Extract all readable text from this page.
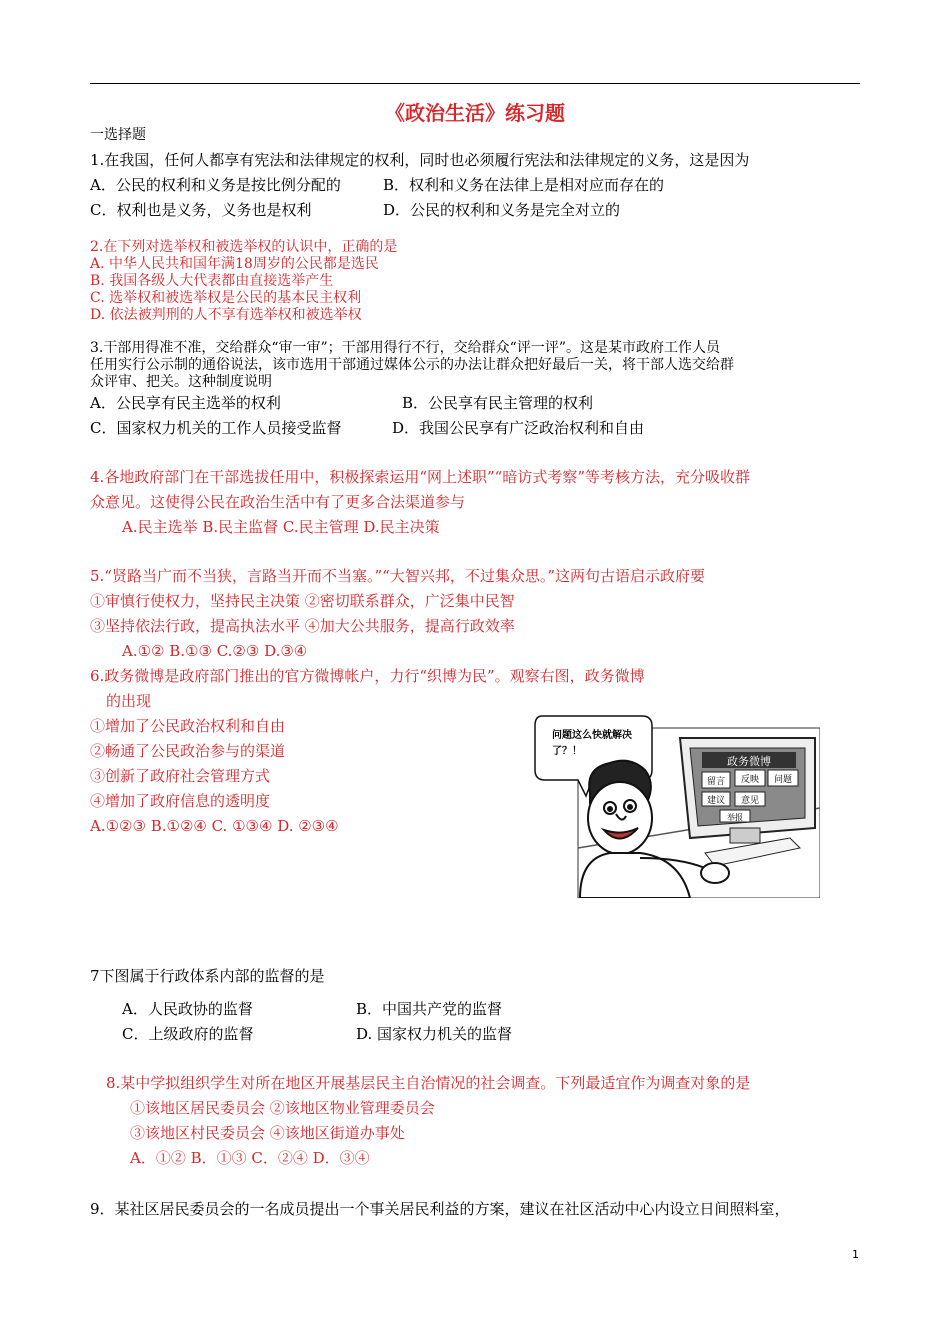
《政治生活》练习题
一选择题
1.在我国，任何人都享有宪法和法律规定的权利，同时也必须履行宪法和法律规定的义务，这是因为
A．公民的权利和义务是按比例分配的	B．权利和义务在法律上是相对应而存在的
C．权利也是义务，义务也是权利	D．公民的权利和义务是完全对立的
2.在下列对选举权和被选举权的认识中，正确的是
A. 中华人民共和国年满18周岁的公民都是选民
B. 我国各级人大代表都由直接选举产生
C. 选举权和被选举权是公民的基本民主权利
D. 依法被判刑的人不享有选举权和被选举权
3.干部用得准不准，交给群众“审一审”；干部用得行不行，交给群众“评一评”。这是某市政府工作人员
任用实行公示制的通俗说法，该市选用干部通过媒体公示的办法让群众把好最后一关，将干部人选交给群
众评审、把关。这种制度说明
A．公民享有民主选举的权利	B．公民享有民主管理的权利
C．国家权力机关的工作人员接受监督	D．我国公民享有广泛政治权利和自由
4.各地政府部门在干部选拔任用中，积极探索运用“网上述职”“暗访式考察”等考核方法，充分吸收群
众意见。这使得公民在政治生活中有了更多合法渠道参与
A.民主选举 B.民主监督 C.民主管理 D.民主决策
5.“贤路当广而不当狭，言路当开而不当塞。”“大智兴邦，不过集众思。”这两句古语启示政府要
①审慎行使权力，坚持民主决策 ②密切联系群众，广泛集中民智
③坚持依法行政，提高执法水平 ④加大公共服务，提高行政效率
A.①② B.①③ C.②③ D.③④
6.政务微博是政府部门推出的官方微博帐户，力行“织博为民”。观察右图，政务微博
的出现
①增加了公民政治权利和自由
②畅通了公民政治参与的渠道
③创新了政府社会管理方式
④增加了政府信息的透明度
A.①②③ B.①②④ C. ①③④ D. ②③④
政务微博
留言 反映 问题
建议 意见
举报
问题这么快就解决
了？！
7下图属于行政体系内部的监督的是
A．人民政协的监督	B．中国共产党的监督
C．上级政府的监督	D. 国家权力机关的监督
8.某中学拟组织学生对所在地区开展基层民主自治情况的社会调查。下列最适宜作为调查对象的是
①该地区居民委员会 ②该地区物业管理委员会
③该地区村民委员会 ④该地区街道办事处
A．①② B．①③ C．②④ D．③④
9．某社区居民委员会的一名成员提出一个事关居民利益的方案，建议在社区活动中心内设立日间照料室，
1
